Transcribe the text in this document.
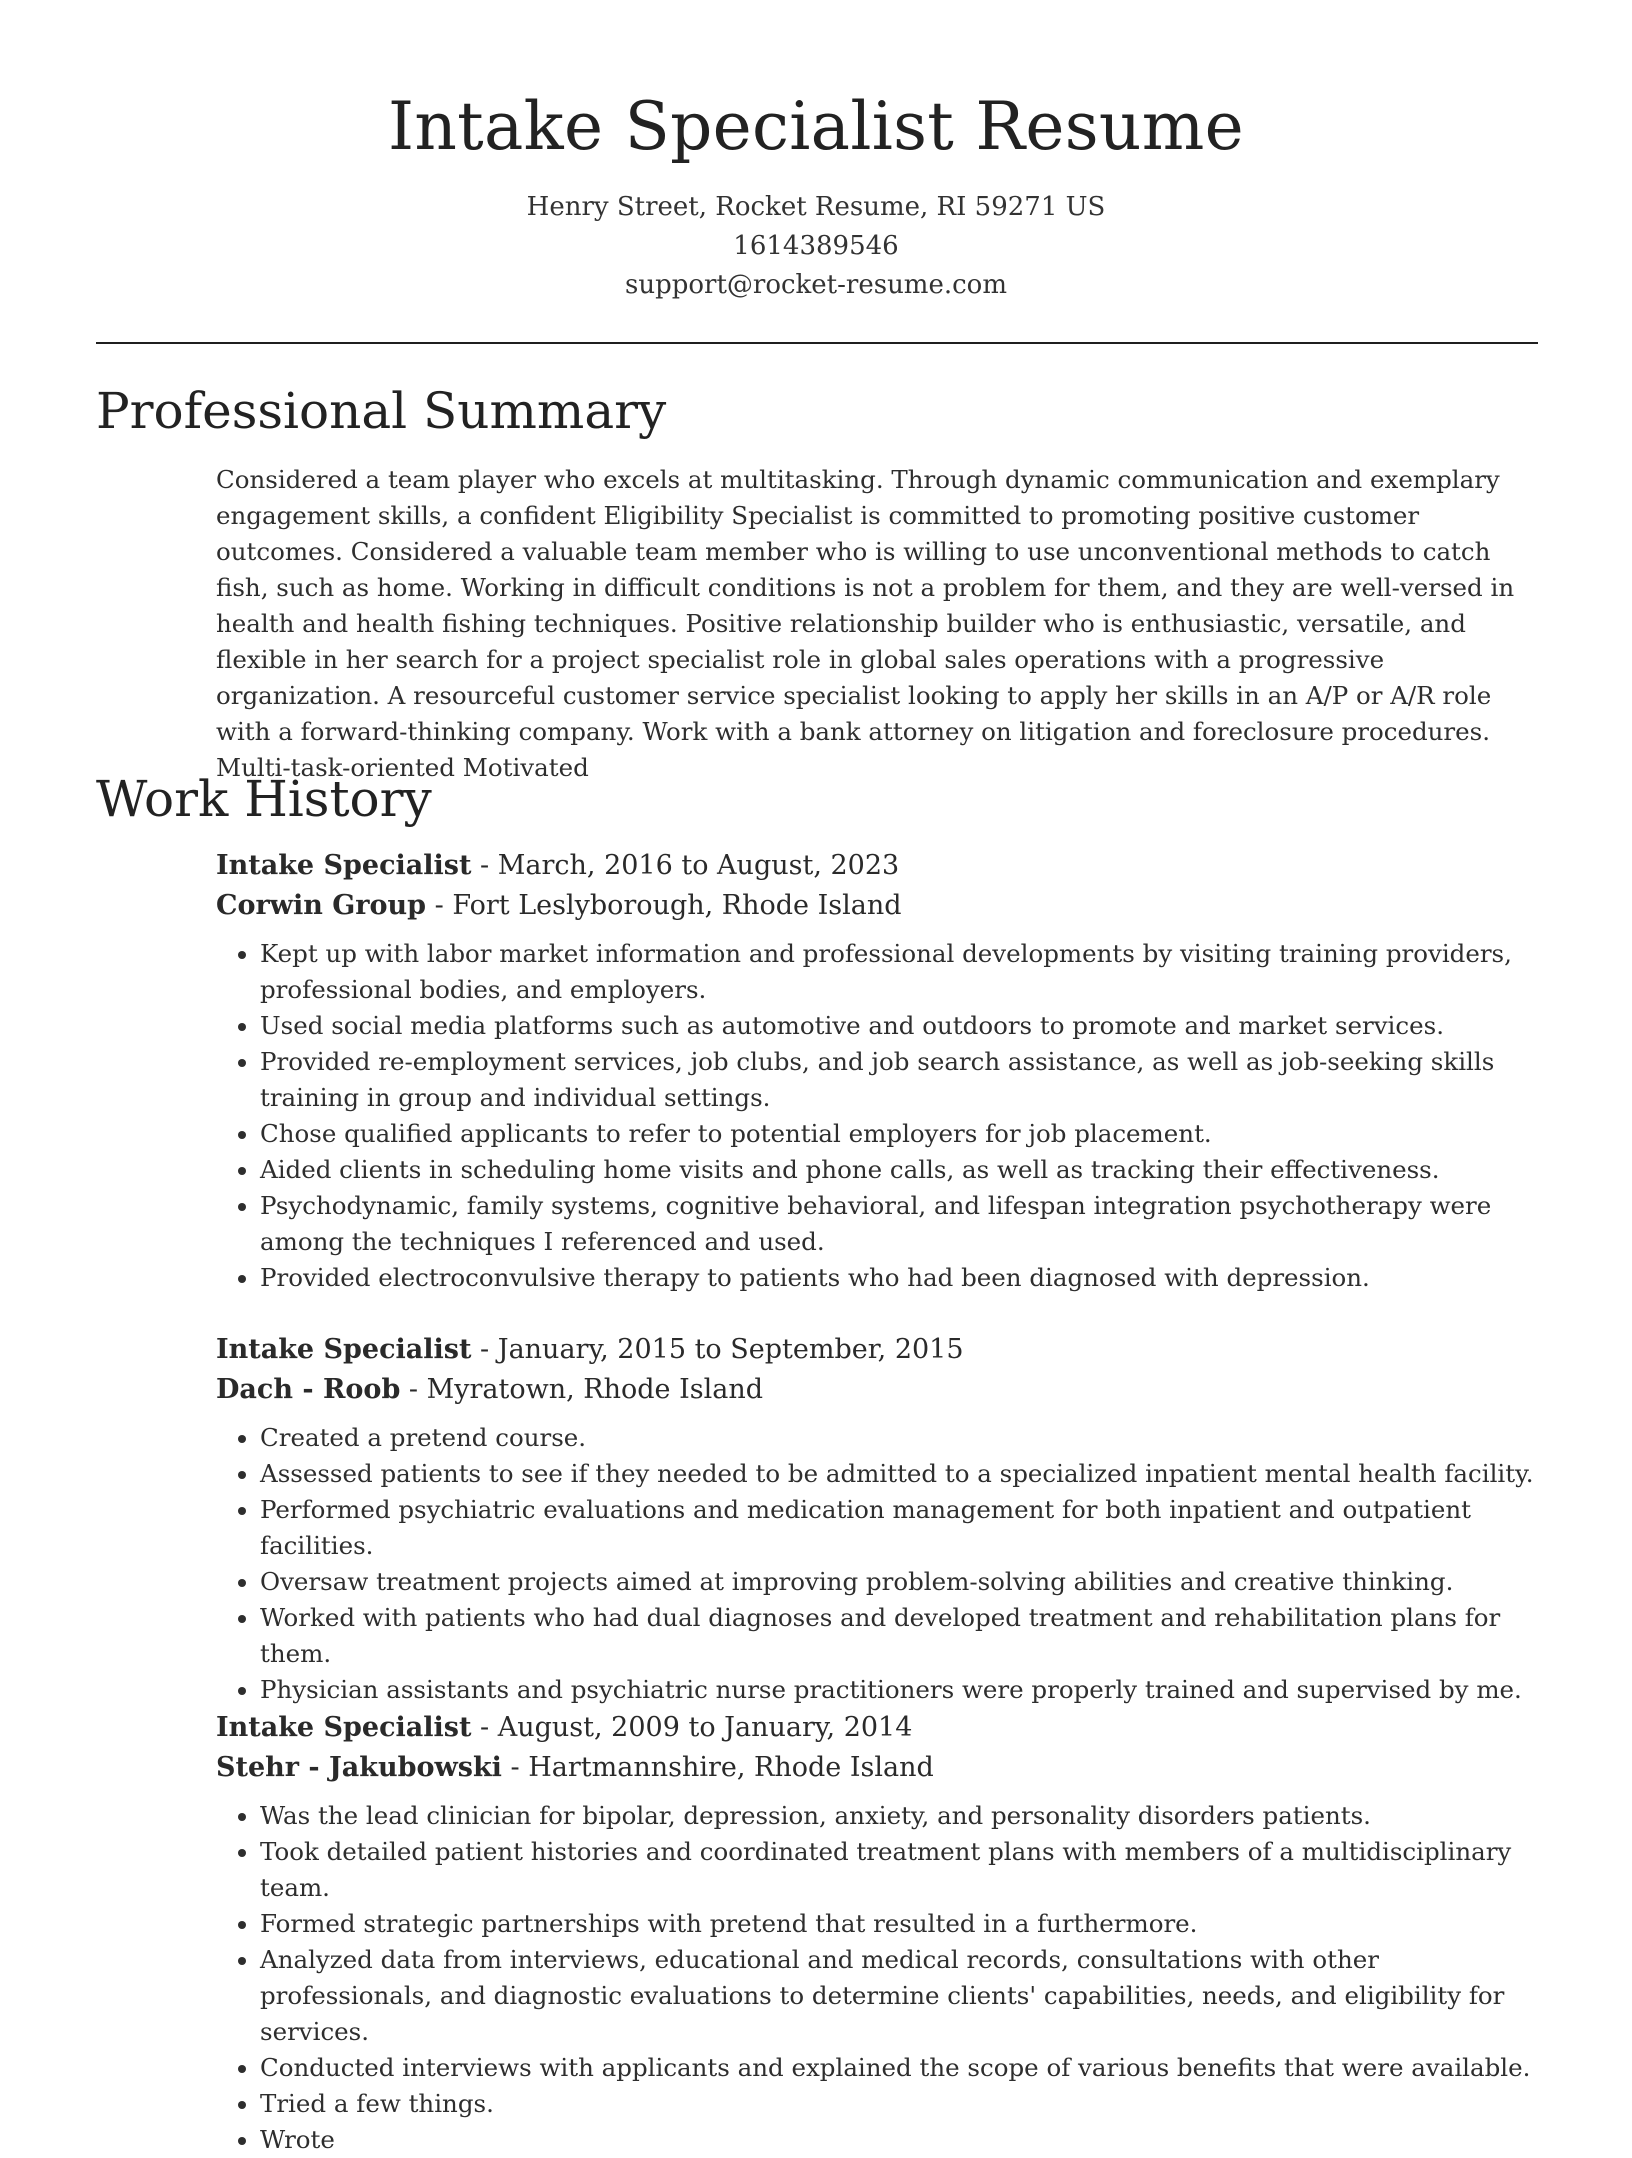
Intake Specialist Resume
Henry Street, Rocket Resume, RI 59271 US
1614389546
support@rocket-resume.com
Professional Summary

Considered a team player who excels at multitasking. Through dynamic communication and exemplary engagement skills, a confident Eligibility Specialist is committed to promoting positive customer outcomes. Considered a valuable team member who is willing to use unconventional methods to catch fish, such as home. Working in difficult conditions is not a problem for them, and they are well-versed in health and health fishing techniques. Positive relationship builder who is enthusiastic, versatile, and flexible in her search for a project specialist role in global sales operations with a progressive organization. A resourceful customer service specialist looking to apply her skills in an A/P or A/R role with a forward-thinking company. Work with a bank attorney on litigation and foreclosure procedures. Multi-task-oriented Motivated

Work History
Intake Specialist - March, 2016 to August, 2023
Corwin Group - Fort Leslyborough, Rhode Island
• Kept up with labor market information and professional developments by visiting training providers, professional bodies, and employers.
• Used social media platforms such as automotive and outdoors to promote and market services.
• Provided re-employment services, job clubs, and job search assistance, as well as job-seeking skills training in group and individual settings.
• Chose qualified applicants to refer to potential employers for job placement.
• Aided clients in scheduling home visits and phone calls, as well as tracking their effectiveness.
• Psychodynamic, family systems, cognitive behavioral, and lifespan integration psychotherapy were among the techniques I referenced and used.
• Provided electroconvulsive therapy to patients who had been diagnosed with depression.
Intake Specialist - January, 2015 to September, 2015
Dach - Roob - Myratown, Rhode Island
• Created a pretend course.
• Assessed patients to see if they needed to be admitted to a specialized inpatient mental health facility.
• Performed psychiatric evaluations and medication management for both inpatient and outpatient facilities.
• Oversaw treatment projects aimed at improving problem-solving abilities and creative thinking.
• Worked with patients who had dual diagnoses and developed treatment and rehabilitation plans for them.
• Physician assistants and psychiatric nurse practitioners were properly trained and supervised by me.
Intake Specialist - August, 2009 to January, 2014
Stehr - Jakubowski - Hartmannshire, Rhode Island
• Was the lead clinician for bipolar, depression, anxiety, and personality disorders patients.
• Took detailed patient histories and coordinated treatment plans with members of a multidisciplinary team.
• Formed strategic partnerships with pretend that resulted in a furthermore.
• Analyzed data from interviews, educational and medical records, consultations with other professionals, and diagnostic evaluations to determine clients' capabilities, needs, and eligibility for services.
• Conducted interviews with applicants and explained the scope of various benefits that were available.
• Tried a few things.
• Wrote
